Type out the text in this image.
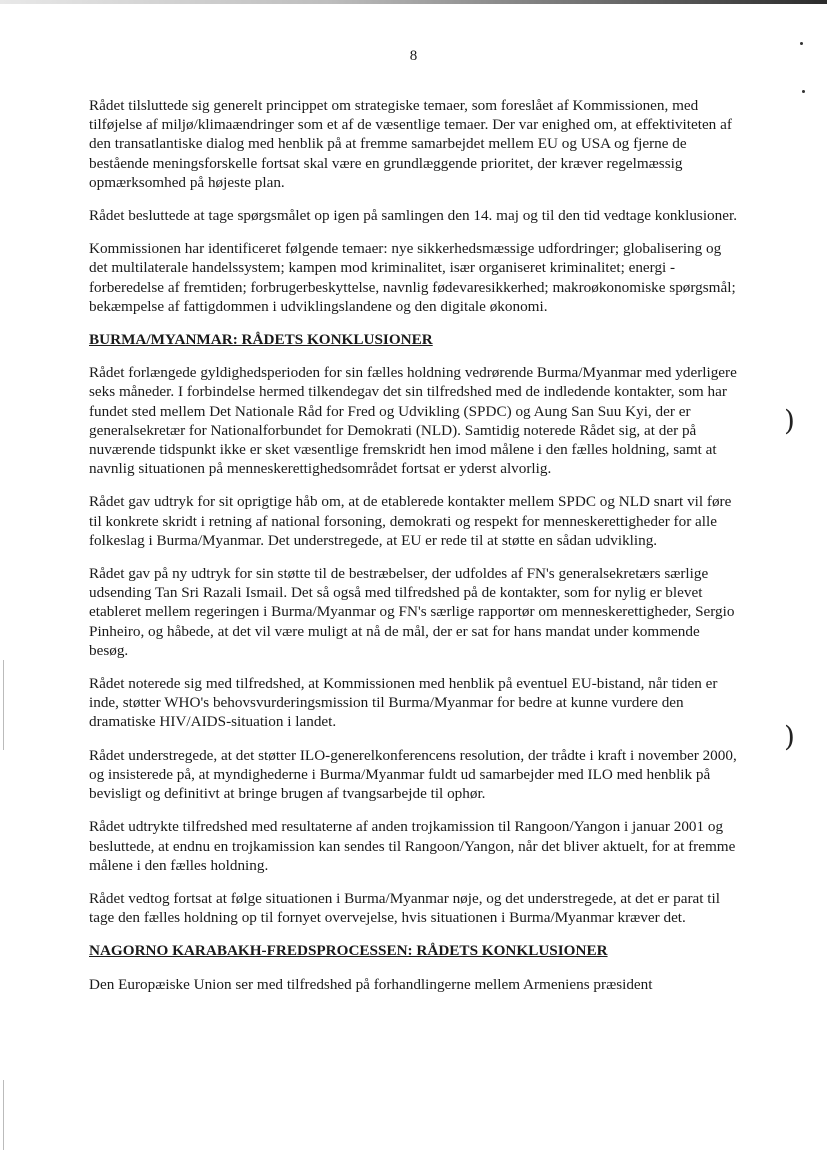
)
)
8

Rådet tilsluttede sig generelt princippet om strategiske temaer, som foreslået af Kommissionen, med tilføjelse af miljø/klimaændringer som et af de væsentlige temaer. Der var enighed om, at effektiviteten af den transatlantiske dialog med henblik på at fremme samarbejdet mellem EU og USA og fjerne de bestående meningsforskelle fortsat skal være en grundlæggende prioritet, der kræver regelmæssig opmærksomhed på højeste plan.

Rådet besluttede at tage spørgsmålet op igen på samlingen den 14. maj og til den tid vedtage konklusioner.

Kommissionen har identificeret følgende temaer: nye sikkerhedsmæssige udfordringer; globalisering og det multilaterale handelssystem; kampen mod kriminalitet, især organiseret kriminalitet; energi - forberedelse af fremtiden; forbrugerbeskyttelse, navnlig fødevaresikkerhed; makroøkonomiske spørgsmål; bekæmpelse af fattigdommen i udviklingslandene og den digitale økonomi.

BURMA/MYANMAR: RÅDETS KONKLUSIONER

Rådet forlængede gyldighedsperioden for sin fælles holdning vedrørende Burma/Myanmar med yderligere seks måneder. I forbindelse hermed tilkendegav det sin tilfredshed med de indledende kontakter, som har fundet sted mellem Det Nationale Råd for Fred og Udvikling (SPDC) og Aung San Suu Kyi, der er generalsekretær for Nationalforbundet for Demokrati (NLD). Samtidig noterede Rådet sig, at der på nuværende tidspunkt ikke er sket væsentlige fremskridt hen imod målene i den fælles holdning, samt at navnlig situationen på menneskerettighedsområdet fortsat er yderst alvorlig.

Rådet gav udtryk for sit oprigtige håb om, at de etablerede kontakter mellem SPDC og NLD snart vil føre til konkrete skridt i retning af national forsoning, demokrati og respekt for menneskerettigheder for alle folkeslag i Burma/Myanmar. Det understregede, at EU er rede til at støtte en sådan udvikling.

Rådet gav på ny udtryk for sin støtte til de bestræbelser, der udfoldes af FN's generalsekretærs særlige udsending Tan Sri Razali Ismail. Det så også med tilfredshed på de kontakter, som for nylig er blevet etableret mellem regeringen i Burma/Myanmar og FN's særlige rapportør om menneskerettigheder, Sergio Pinheiro, og håbede, at det vil være muligt at nå de mål, der er sat for hans mandat under kommende besøg.

Rådet noterede sig med tilfredshed, at Kommissionen med henblik på eventuel EU-bistand, når tiden er inde, støtter WHO's behovsvurderingsmission til Burma/Myanmar for bedre at kunne vurdere den dramatiske HIV/AIDS-situation i landet.

Rådet understregede, at det støtter ILO-generelkonferencens resolution, der trådte i kraft i november 2000, og insisterede på, at myndighederne i Burma/Myanmar fuldt ud samarbejder med ILO med henblik på bevisligt og definitivt at bringe brugen af tvangsarbejde til ophør.

Rådet udtrykte tilfredshed med resultaterne af anden trojkamission til Rangoon/Yangon i januar 2001 og besluttede, at endnu en trojkamission kan sendes til Rangoon/Yangon, når det bliver aktuelt, for at fremme målene i den fælles holdning.

Rådet vedtog fortsat at følge situationen i Burma/Myanmar nøje, og det understregede, at det er parat til tage den fælles holdning op til fornyet overvejelse, hvis situationen i Burma/Myanmar kræver det.

NAGORNO KARABAKH-FREDSPROCESSEN: RÅDETS KONKLUSIONER

Den Europæiske Union ser med tilfredshed på forhandlingerne mellem Armeniens præsident
